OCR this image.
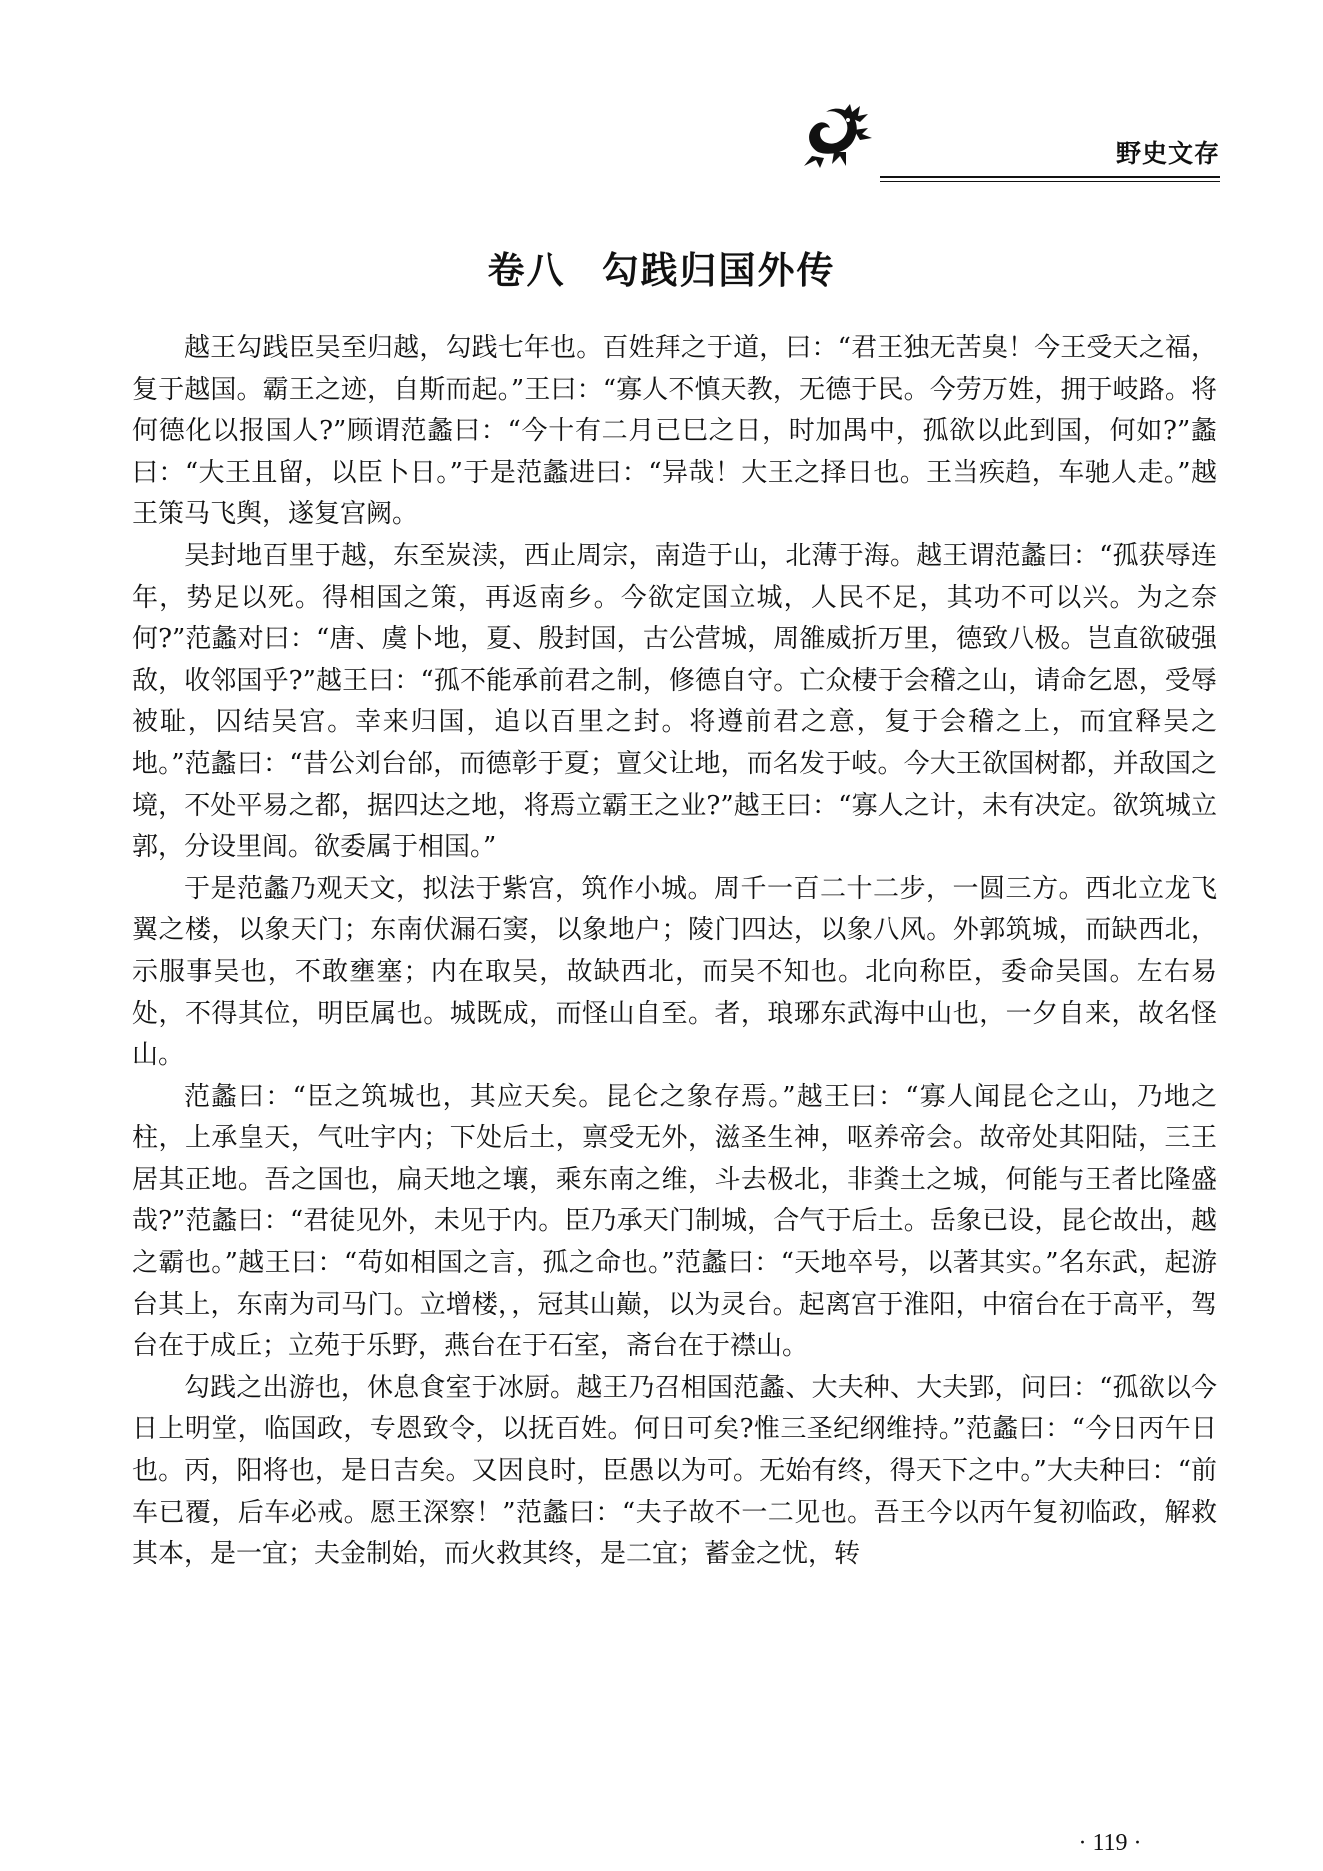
野史文存
卷八 勾践归国外传

越王勾践臣吴至归越，勾践七年也。百姓拜之于道，曰：“君王独无苦臭！今王受天之福，复于越国。霸王之迹，自斯而起。”王曰：“寡人不慎天教，无德于民。今劳万姓，拥于岐路。将何德化以报国人?”顾谓范蠡曰：“今十有二月已巳之日，时加禺中，孤欲以此到国，何如?”蠡曰：“大王且留，以臣卜日。”于是范蠡进曰：“异哉！大王之择日也。王当疾趋，车驰人走。”越王策马飞舆，遂复宫阙。

吴封地百里于越，东至炭渎，西止周宗，南造于山，北薄于海。越王谓范蠡曰：“孤获辱连年，势足以死。得相国之策，再返南乡。今欲定国立城，人民不足，其功不可以兴。为之奈何?”范蠡对曰：“唐、虞卜地，夏、殷封国，古公营城，周雒威折万里，德致八极。岂直欲破强敌，收邻国乎?”越王曰：“孤不能承前君之制，修德自守。亡众棲于会稽之山，请命乞恩，受辱被耻，囚结吴宫。幸来归国，追以百里之封。将遵前君之意，复于会稽之上，而宜释吴之地。”范蠡曰：“昔公刘台邰，而德彰于夏；亶父让地，而名发于岐。今大王欲国树都，并敌国之境，不处平易之都，据四达之地，将焉立霸王之业?”越王曰：“寡人之计，未有决定。欲筑城立郭，分设里闾。欲委属于相国。”

于是范蠡乃观天文，拟法于紫宫，筑作小城。周千一百二十二步，一圆三方。西北立龙飞翼之楼，以象天门；东南伏漏石窦，以象地户；陵门四达，以象八风。外郭筑城，而缺西北，示服事吴也，不敢壅塞；内在取吴，故缺西北，而吴不知也。北向称臣，委命吴国。左右易处，不得其位，明臣属也。城既成，而怪山自至。者，琅琊东武海中山也，一夕自来，故名怪山。

范蠡曰：“臣之筑城也，其应天矣。昆仑之象存焉。”越王曰：“寡人闻昆仑之山，乃地之柱，上承皇天，气吐宇内；下处后土，禀受无外，滋圣生神，呕养帝会。故帝处其阳陆，三王居其正地。吾之国也，扁天地之壤，乘东南之维，斗去极北，非粪土之城，何能与王者比隆盛哉?”范蠡曰：“君徒见外，未见于内。臣乃承天门制城，合气于后土。岳象已设，昆仑故出，越之霸也。”越王曰：“苟如相国之言，孤之命也。”范蠡曰：“天地卒号，以著其实。”名东武，起游台其上，东南为司马门。立增楼，，冠其山巅，以为灵台。起离宫于淮阳，中宿台在于高平，驾台在于成丘；立苑于乐野，燕台在于石室，斋台在于襟山。

勾践之出游也，休息食室于冰厨。越王乃召相国范蠡、大夫种、大夫郢，问曰：“孤欲以今日上明堂，临国政，专恩致令，以抚百姓。何日可矣?惟三圣纪纲维持。”范蠡曰：“今日丙午日也。丙，阳将也，是日吉矣。又因良时，臣愚以为可。无始有终，得天下之中。”大夫种曰：“前车已覆，后车必戒。愿王深察！”范蠡曰：“夫子故不一二见也。吾王今以丙午复初临政，解救其本，是一宜；夫金制始，而火救其终，是二宜；蓄金之忧，转

· 119 ·
